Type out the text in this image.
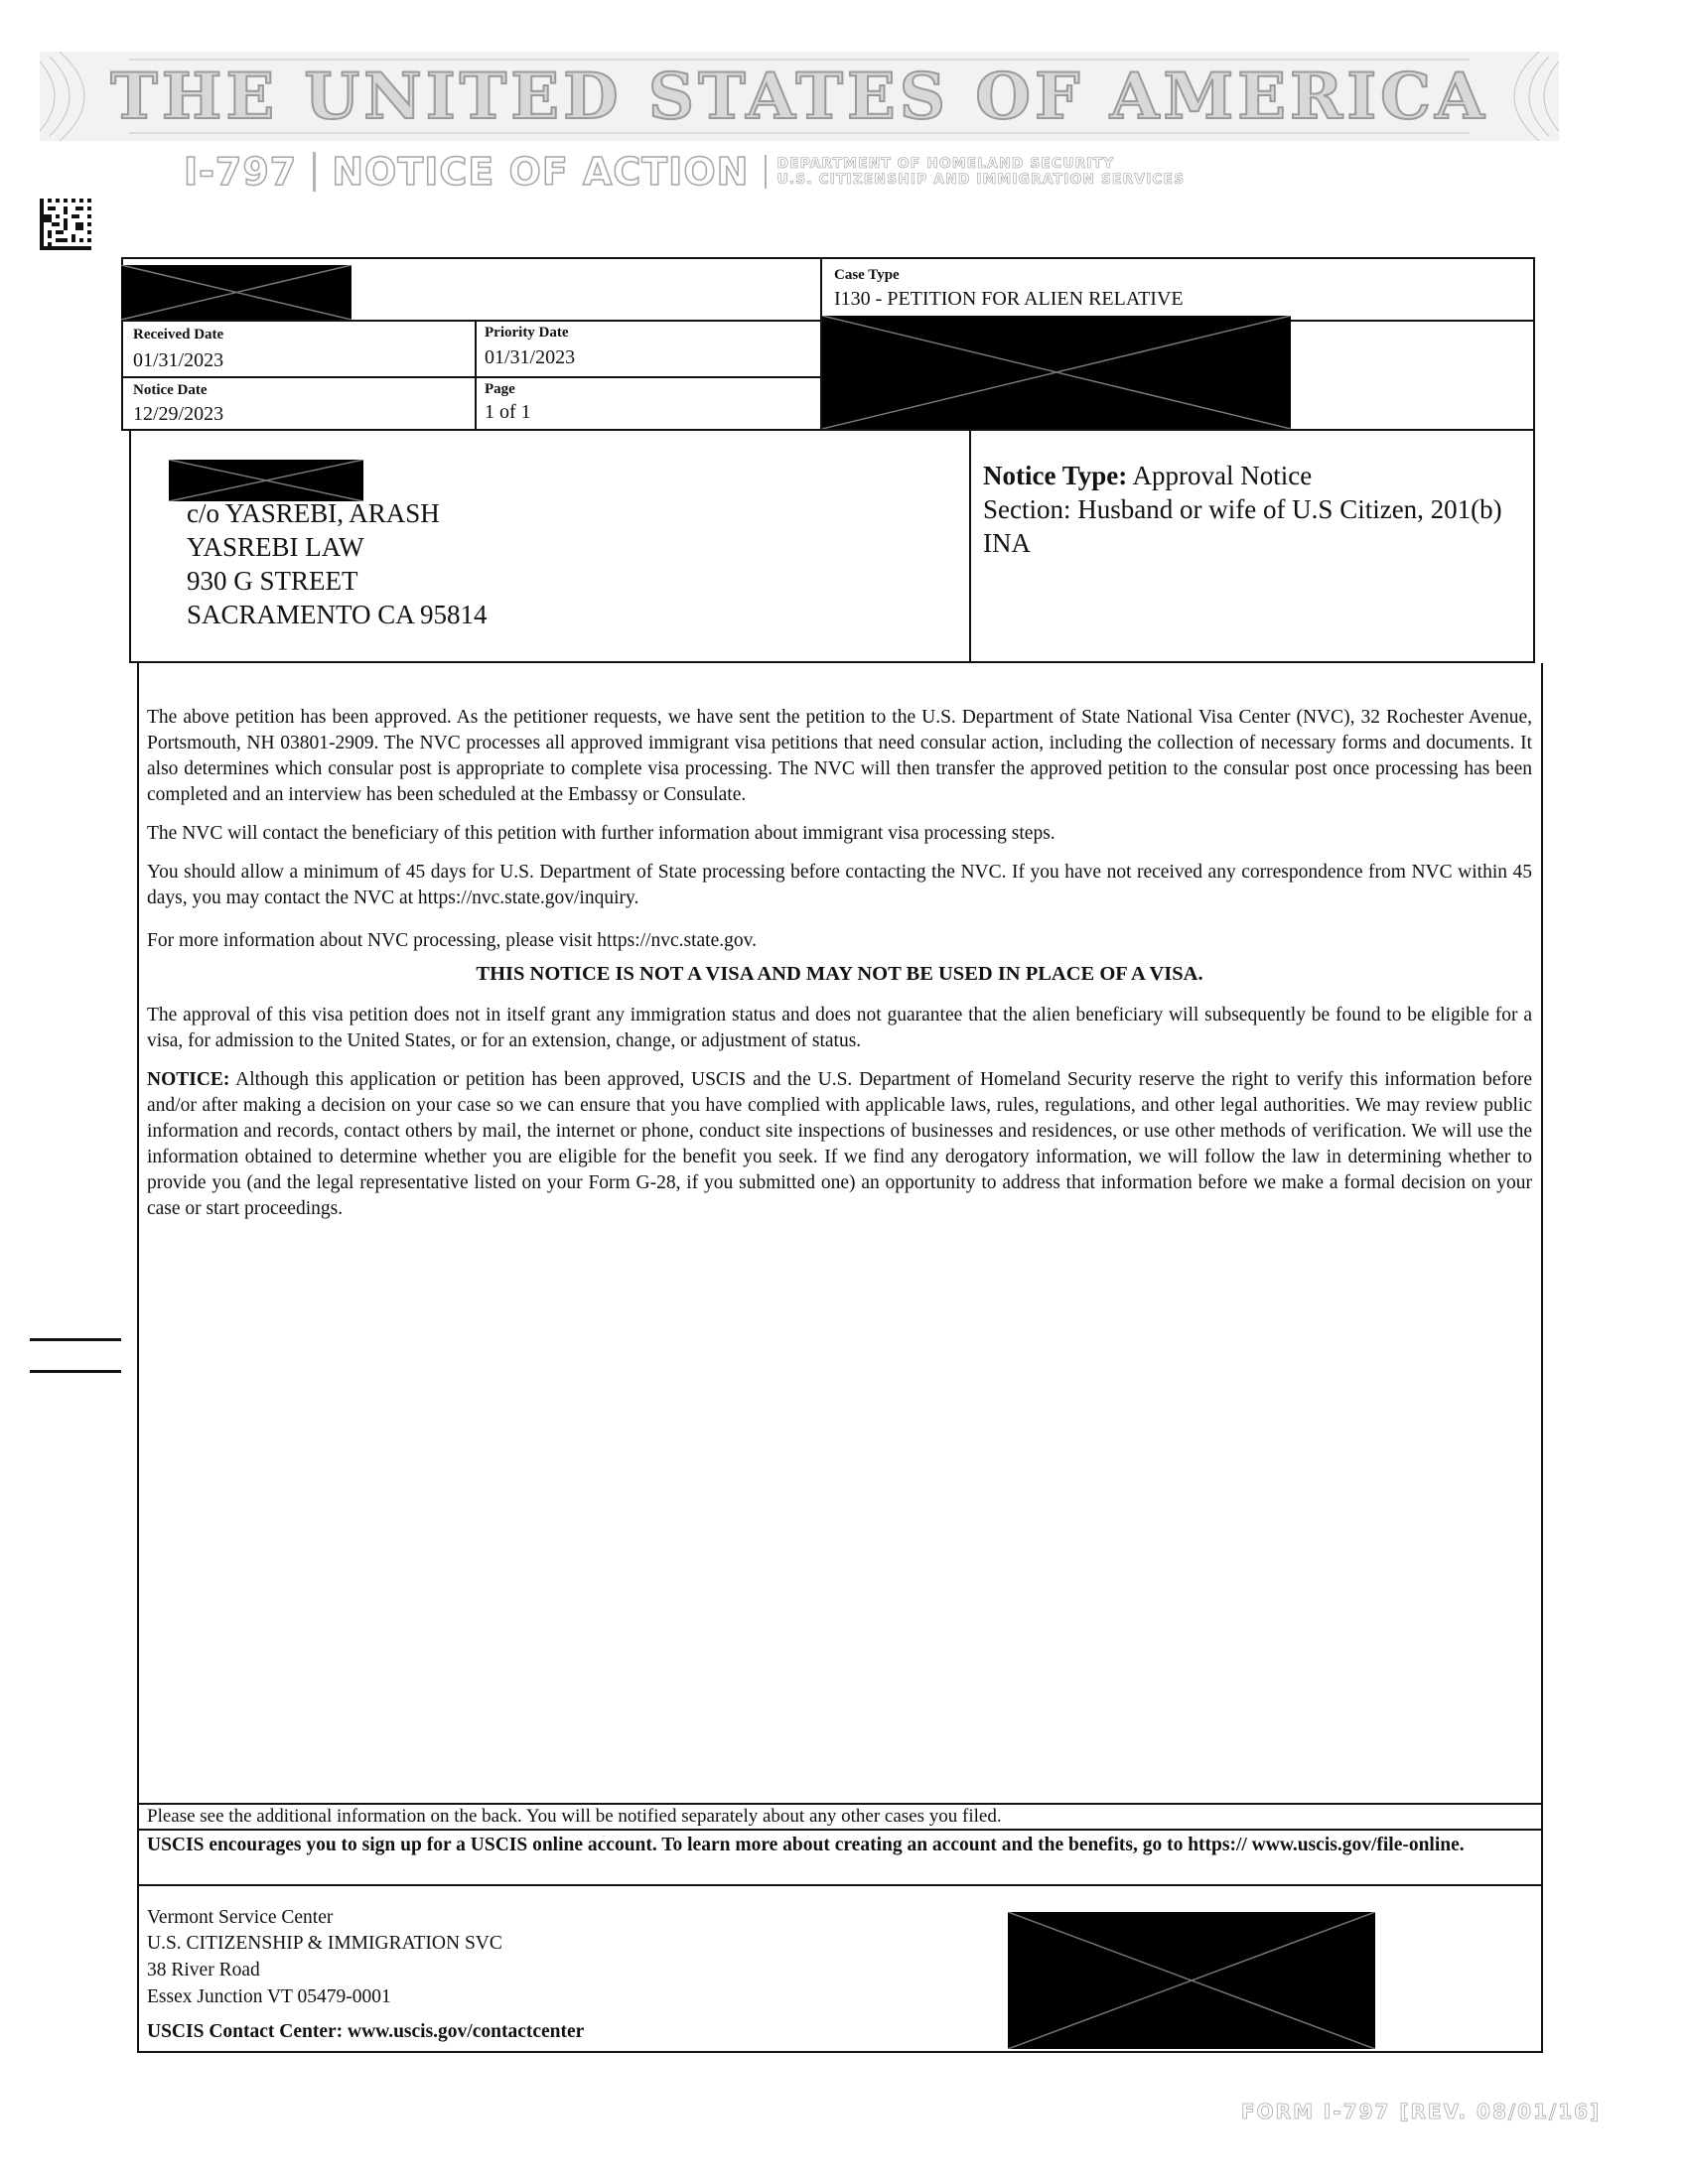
THE UNITED STATES OF AMERICA
I-797 NOTICE OF ACTION DEPARTMENT OF HOMELAND SECURITY
U.S. CITIZENSHIP AND IMMIGRATION SERVICES
Case Type
I130 - PETITION FOR ALIEN RELATIVE
Received Date
01/31/2023
Priority Date
01/31/2023
Notice Date
12/29/2023
Page
1 of 1
c/o YASREBI, ARASH
YASREBI LAW
930 G STREET
SACRAMENTO CA 95814
Notice Type: Approval Notice
Section: Husband or wife of U.S Citizen, 201(b) INA
The above petition has been approved. As the petitioner requests, we have sent the petition to the U.S. Department of State National Visa Center (NVC), 32 Rochester Avenue, Portsmouth, NH 03801-2909. The NVC processes all approved immigrant visa petitions that need consular action, including the collection of necessary forms and documents. It also determines which consular post is appropriate to complete visa processing. The NVC will then transfer the approved petition to the consular post once processing has been completed and an interview has been scheduled at the Embassy or Consulate.
The NVC will contact the beneficiary of this petition with further information about immigrant visa processing steps.
You should allow a minimum of 45 days for U.S. Department of State processing before contacting the NVC. If you have not received any correspondence from NVC within 45 days, you may contact the NVC at https://nvc.state.gov/inquiry.
For more information about NVC processing, please visit https://nvc.state.gov.
THIS NOTICE IS NOT A VISA AND MAY NOT BE USED IN PLACE OF A VISA.
The approval of this visa petition does not in itself grant any immigration status and does not guarantee that the alien beneficiary will subsequently be found to be eligible for a visa, for admission to the United States, or for an extension, change, or adjustment of status.
NOTICE: Although this application or petition has been approved, USCIS and the U.S. Department of Homeland Security reserve the right to verify this information before and/or after making a decision on your case so we can ensure that you have complied with applicable laws, rules, regulations, and other legal authorities. We may review public information and records, contact others by mail, the internet or phone, conduct site inspections of businesses and residences, or use other methods of verification. We will use the information obtained to determine whether you are eligible for the benefit you seek. If we find any derogatory information, we will follow the law in determining whether to provide you (and the legal representative listed on your Form G-28, if you submitted one) an opportunity to address that information before we make a formal decision on your case or start proceedings.
Please see the additional information on the back. You will be notified separately about any other cases you filed.
USCIS encourages you to sign up for a USCIS online account. To learn more about creating an account and the benefits, go to https:// www.uscis.gov/file-online.
Vermont Service Center
U.S. CITIZENSHIP & IMMIGRATION SVC
38 River Road
Essex Junction VT 05479-0001
USCIS Contact Center: www.uscis.gov/contactcenter
FORM I-797 [REV. 08/01/16]
